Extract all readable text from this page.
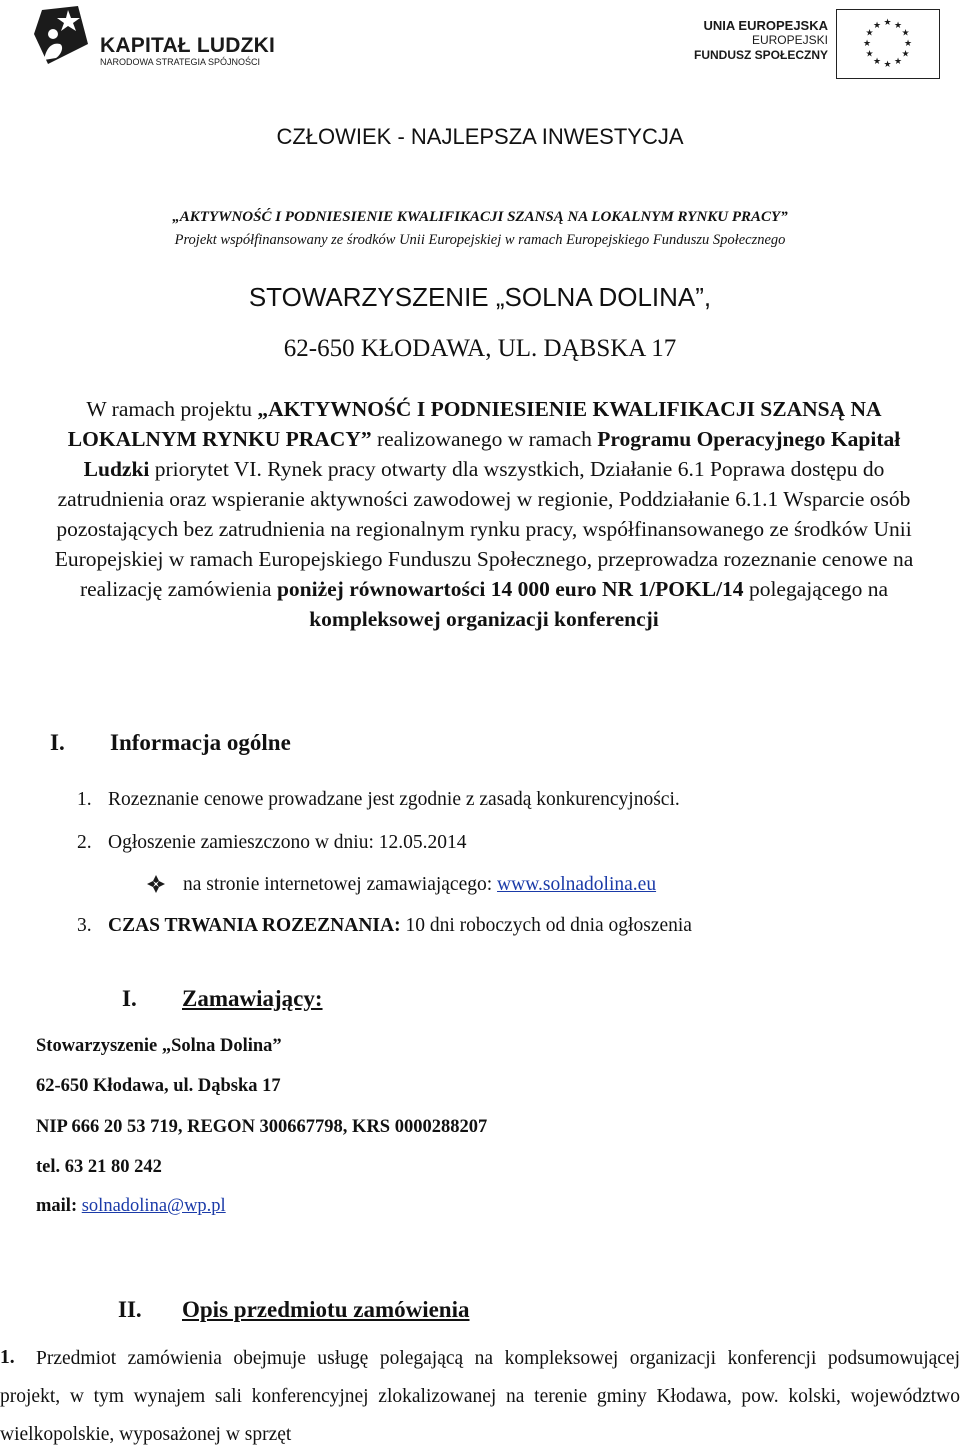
KAPITAŁ LUDZKI
NARODOWA STRATEGIA SPÓJNOŚCI
UNIA EUROPEJSKA
EUROPEJSKI
FUNDUSZ SPOŁECZNY
★ ★
★
★
★
★
★
★
★
★
★
★
CZŁOWIEK - NAJLEPSZA INWESTYCJA
„AKTYWNOŚĆ I PODNIESIENIE KWALIFIKACJI SZANSĄ NA LOKALNYM RYNKU PRACY”
Projekt współfinansowany ze środków Unii Europejskiej w ramach Europejskiego Funduszu Społecznego
STOWARZYSZENIE „SOLNA DOLINA”,
62-650 KŁODAWA, UL. DĄBSKA 17
W ramach projektu „AKTYWNOŚĆ I PODNIESIENIE KWALIFIKACJI SZANSĄ NA LOKALNYM RYNKU PRACY” realizowanego w ramach Programu Operacyjnego Kapitał Ludzki priorytet VI. Rynek pracy otwarty dla wszystkich, Działanie 6.1 Poprawa dostępu do zatrudnienia oraz wspieranie aktywności zawodowej w regionie, Poddziałanie 6.1.1 Wsparcie osób pozostających bez zatrudnienia na regionalnym rynku pracy, współfinansowanego ze środków Unii Europejskiej w ramach Europejskiego Funduszu Społecznego, przeprowadza rozeznanie cenowe na realizację zamówienia poniżej równowartości 14 000 euro NR 1/POKL/14 polegającego na kompleksowej organizacji konferencji
I. Informacja ogólne
1. Rozeznanie cenowe prowadzane jest zgodnie z zasadą konkurencyjności.
2. Ogłoszenie zamieszczono w dniu: 12.05.2014
na stronie internetowej zamawiającego: www.solnadolina.eu
3. CZAS TRWANIA ROZEZNANIA: 10 dni roboczych od dnia ogłoszenia
I. Zamawiający:
Stowarzyszenie „Solna Dolina”
62-650 Kłodawa, ul. Dąbska 17
NIP 666 20 53 719, REGON 300667798, KRS 0000288207
tel. 63 21 80 242
mail: solnadolina@wp.pl
II. Opis przedmiotu zamówienia
1.	Przedmiot zamówienia obejmuje usługę polegającą na kompleksowej organizacji konferencji podsumowującej projekt, w tym wynajem sali konferencyjnej zlokalizowanej na terenie gminy Kłodawa, pow. kolski, województwo wielkopolskie, wyposażonej w sprzęt
